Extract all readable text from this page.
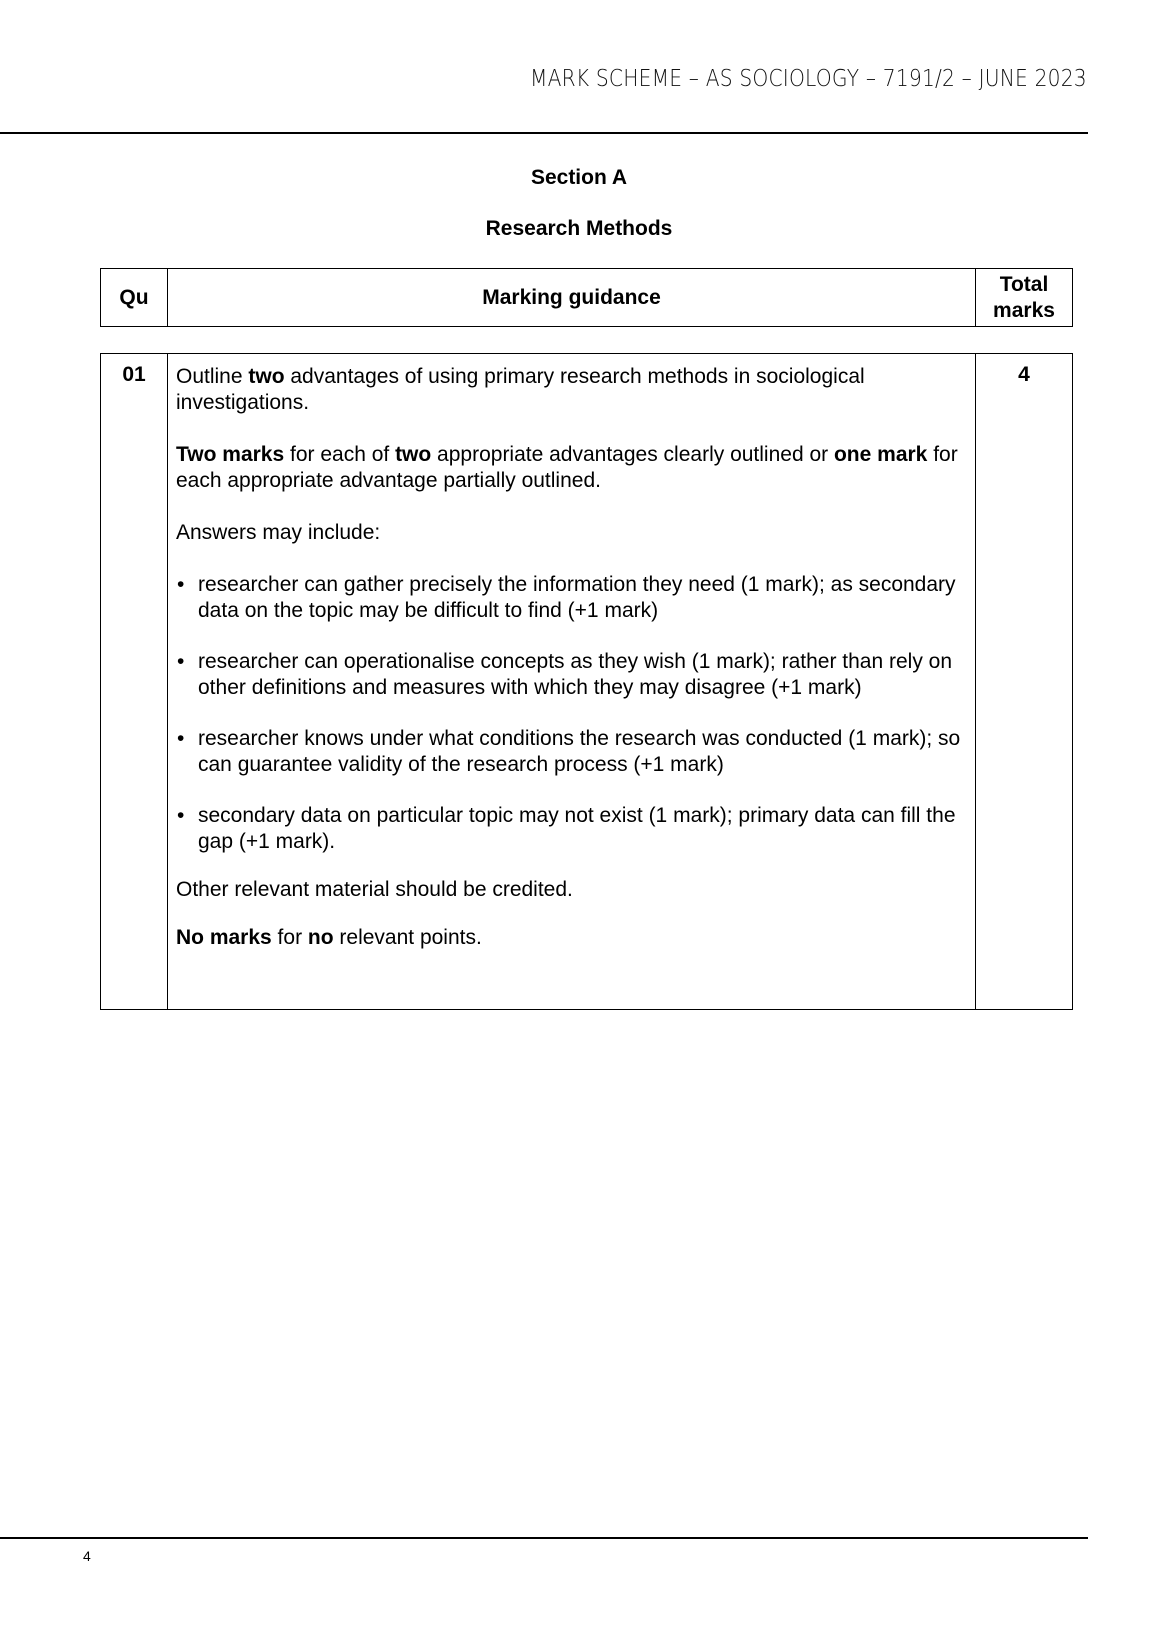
MARK SCHEME – AS SOCIOLOGY – 7191/2 – JUNE 2023
Section A
Research Methods
Qu	Marking guidance	Total
marks
01	Outline two advantages of using primary research methods in sociological investigations.

Two marks for each of two appropriate advantages clearly outlined or one mark for each appropriate advantage partially outlined.

Answers may include:

• researcher can gather precisely the information they need (1 mark); as secondary data on the topic may be difficult to find (+1 mark)
• researcher can operationalise concepts as they wish (1 mark); rather than rely on other definitions and measures with which they may disagree (+1 mark)
• researcher knows under what conditions the research was conducted (1 mark); so can guarantee validity of the research process (+1 mark)
• secondary data on particular topic may not exist (1 mark); primary data can fill the gap (+1 mark).

Other relevant material should be credited.

No marks for no relevant points.

	4
4
